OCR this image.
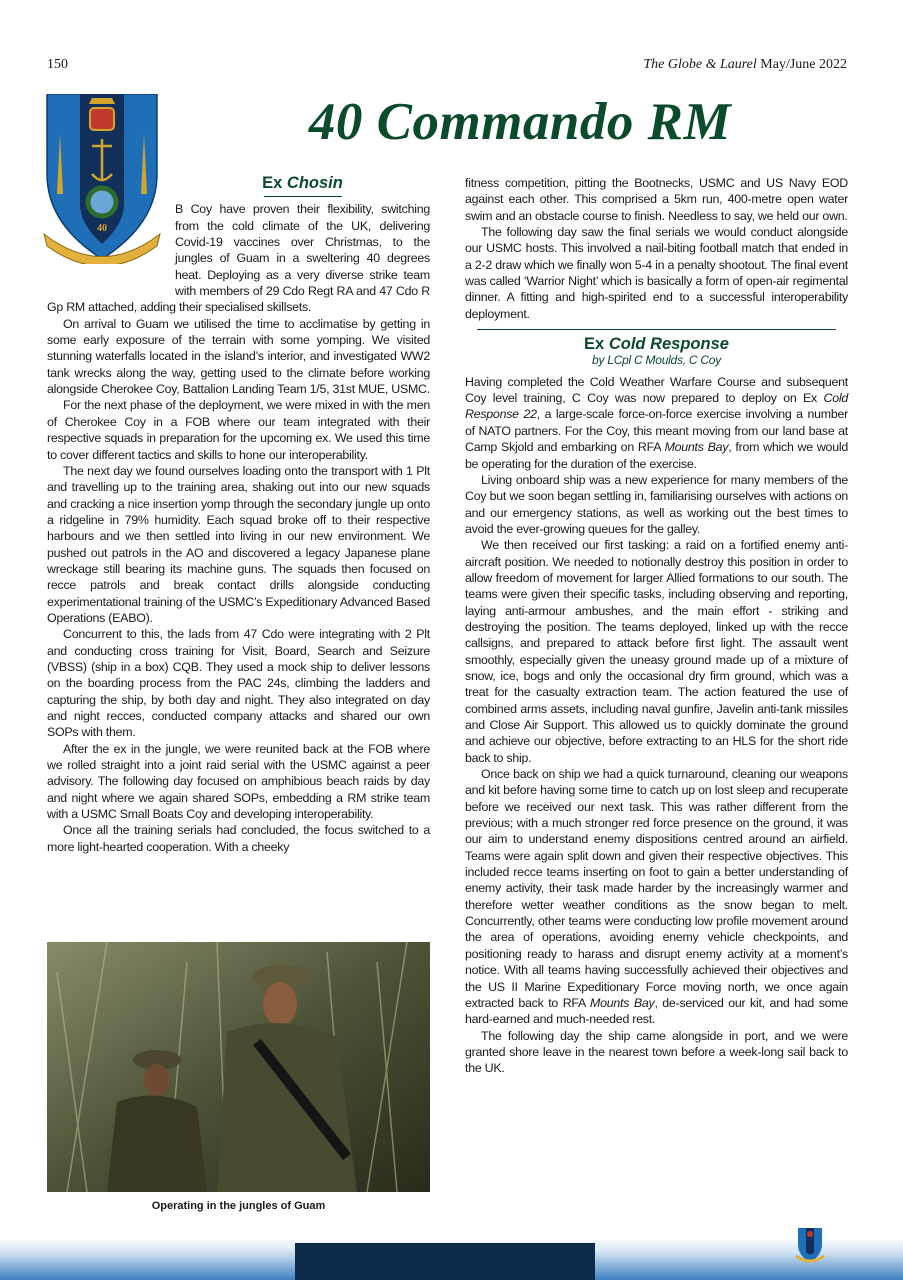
150	The Globe & Laurel May/June 2022
40 Commando RM
40
Ex Chosin

B Coy have proven their flexibility, switching from the cold climate of the UK, delivering Covid-19 vaccines over Christmas, to the jungles of Guam in a sweltering 40 degrees heat. Deploying as a very diverse strike team with members of 29 Cdo Regt RA and 47 Cdo R Gp RM attached, adding their specialised skillsets.

On arrival to Guam we utilised the time to acclimatise by getting in some early exposure of the terrain with some yomping. We visited stunning waterfalls located in the island’s interior, and investigated WW2 tank wrecks along the way, getting used to the climate before working alongside Cherokee Coy, Battalion Landing Team 1/5, 31st MUE, USMC.

For the next phase of the deployment, we were mixed in with the men of Cherokee Coy in a FOB where our team integrated with their respective squads in preparation for the upcoming ex. We used this time to cover different tactics and skills to hone our interoperability.

The next day we found ourselves loading onto the transport with 1 Plt and travelling up to the training area, shaking out into our new squads and cracking a nice insertion yomp through the secondary jungle up onto a ridgeline in 79% humidity. Each squad broke off to their respective harbours and we then settled into living in our new environment. We pushed out patrols in the AO and discovered a legacy Japanese plane wreckage still bearing its machine guns. The squads then focused on recce patrols and break contact drills alongside conducting experimentational training of the USMC’s Expeditionary Advanced Based Operations (EABO).

Concurrent to this, the lads from 47 Cdo were integrating with 2 Plt and conducting cross training for Visit, Board, Search and Seizure (VBSS) (ship in a box) CQB. They used a mock ship to deliver lessons on the boarding process from the PAC 24s, climbing the ladders and capturing the ship, by both day and night. They also integrated on day and night recces, conducted company attacks and shared our own SOPs with them.

After the ex in the jungle, we were reunited back at the FOB where we rolled straight into a joint raid serial with the USMC against a peer advisory. The following day focused on amphibious beach raids by day and night where we again shared SOPs, embedding a RM strike team with a USMC Small Boats Coy and developing interoperability.

Once all the training serials had concluded, the focus switched to a more light-hearted cooperation. With a cheeky

Operating in the jungles of Guam

fitness competition, pitting the Bootnecks, USMC and US Navy EOD against each other. This comprised a 5km run, 400-metre open water swim and an obstacle course to finish. Needless to say, we held our own.

The following day saw the final serials we would conduct alongside our USMC hosts. This involved a nail-biting football match that ended in a 2-2 draw which we finally won 5-4 in a penalty shootout. The final event was called ‘Warrior Night’ which is basically a form of open-air regimental dinner. A fitting and high-spirited end to a successful interoperability deployment.

Ex Cold Response
by LCpl C Moulds, C Coy

Having completed the Cold Weather Warfare Course and subsequent Coy level training, C Coy was now prepared to deploy on Ex Cold Response 22, a large-scale force-on-force exercise involving a number of NATO partners. For the Coy, this meant moving from our land base at Camp Skjold and embarking on RFA Mounts Bay, from which we would be operating for the duration of the exercise.

Living onboard ship was a new experience for many members of the Coy but we soon began settling in, familiarising ourselves with actions on and our emergency stations, as well as working out the best times to avoid the ever-growing queues for the galley.

We then received our first tasking: a raid on a fortified enemy anti-aircraft position. We needed to notionally destroy this position in order to allow freedom of movement for larger Allied formations to our south. The teams were given their specific tasks, including observing and reporting, laying anti-armour ambushes, and the main effort - striking and destroying the position. The teams deployed, linked up with the recce callsigns, and prepared to attack before first light. The assault went smoothly, especially given the uneasy ground made up of a mixture of snow, ice, bogs and only the occasional dry firm ground, which was a treat for the casualty extraction team. The action featured the use of combined arms assets, including naval gunfire, Javelin anti-tank missiles and Close Air Support. This allowed us to quickly dominate the ground and achieve our objective, before extracting to an HLS for the short ride back to ship.

Once back on ship we had a quick turnaround, cleaning our weapons and kit before having some time to catch up on lost sleep and recuperate before we received our next task. This was rather different from the previous; with a much stronger red force presence on the ground, it was our aim to understand enemy dispositions centred around an airfield. Teams were again split down and given their respective objectives. This included recce teams inserting on foot to gain a better understanding of enemy activity, their task made harder by the increasingly warmer and therefore wetter weather conditions as the snow began to melt. Concurrently, other teams were conducting low profile movement around the area of operations, avoiding enemy vehicle checkpoints, and positioning ready to harass and disrupt enemy activity at a moment’s notice. With all teams having successfully achieved their objectives and the US II Marine Expeditionary Force moving north, we once again extracted back to RFA Mounts Bay, de-serviced our kit, and had some hard-earned and much-needed rest.

The following day the ship came alongside in port, and we were granted shore leave in the nearest town before a week-long sail back to the UK.
